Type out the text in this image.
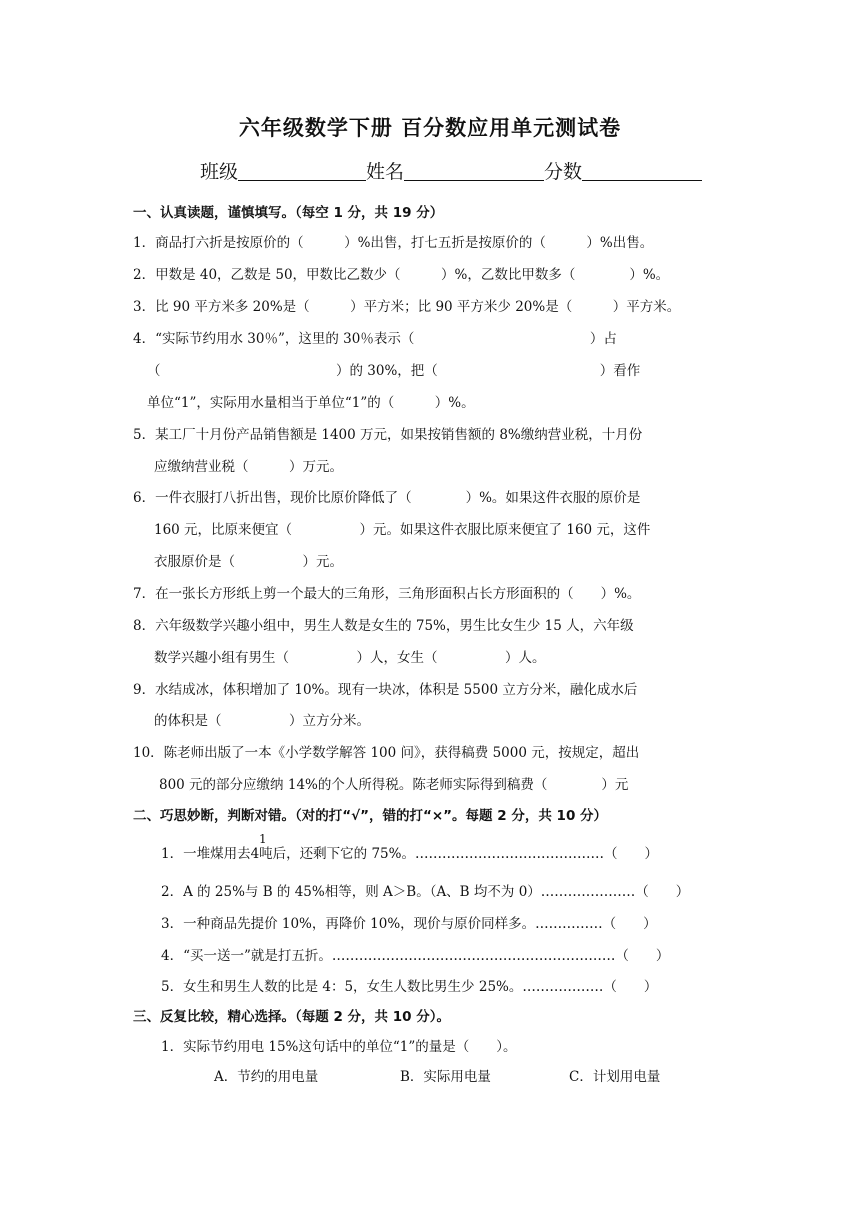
六年级数学下册 百分数应用单元测试卷
班级	姓名	分数
一、认真读题，谨慎填写。（每空 1 分，共 19 分）
1．商品打六折是按原价的（　　　）%出售，打七五折是按原价的（　　　）%出售。
2．甲数是 40，乙数是 50，甲数比乙数少（　　　）%，乙数比甲数多（　　　　）%。
3．比 90 平方米多 20%是（　　　）平方米；比 90 平方米少 20%是（　　　）平方米。
4．“实际节约用水 30％”，这里的 30％表示（　　　　　　　　　　　　　）占
（　　　　　　　　　　　　　）的 30%，把（　　　　　　　　　　　　）看作
单位“1”，实际用水量相当于单位“1”的（　　　）%。
5．某工厂十月份产品销售额是 1400 万元，如果按销售额的 8%缴纳营业税，十月份
应缴纳营业税（　　　）万元。
6．一件衣服打八折出售，现价比原价降低了（　　　　）%。如果这件衣服的原价是
160 元，比原来便宜（　　　　　）元。如果这件衣服比原来便宜了 160 元，这件
衣服原价是（　　　　　）元。
7．在一张长方形纸上剪一个最大的三角形，三角形面积占长方形面积的（　　）%。
8．六年级数学兴趣小组中，男生人数是女生的 75%，男生比女生少 15 人，六年级
数学兴趣小组有男生（　　　　　）人，女生（　　　　　）人。
9．水结成冰，体积增加了 10%。现有一块冰，体积是 5500 立方分米，融化成水后
的体积是（　　　　　）立方分米。
10．陈老师出版了一本《小学数学解答 100 问》，获得稿费 5000 元，按规定，超出
800 元的部分应缴纳 14%的个人所得税。陈老师实际得到稿费（　　　　）元
二、巧思妙断，判断对错。（对的打“√”，错的打“×”。每题 2 分，共 10 分）
1
1．一堆煤用去4吨后，还剩下它的 75%。……………………………………（　　）
2．A 的 25%与 B 的 45%相等，则 A＞B。（A、B 均不为 0）…………………（　　）
3．一种商品先提价 10%，再降价 10%，现价与原价同样多。……………（　　）
4．“买一送一”就是打五折。………………………………………………………（　　）
5．女生和男生人数的比是 4：5，女生人数比男生少 25%。………………（　　）
三、反复比较，精心选择。（每题 2 分，共 10 分）。
1．实际节约用电 15%这句话中的单位“1”的量是（　　）。
A．节约的用电量	B．实际用电量	C．计划用电量
